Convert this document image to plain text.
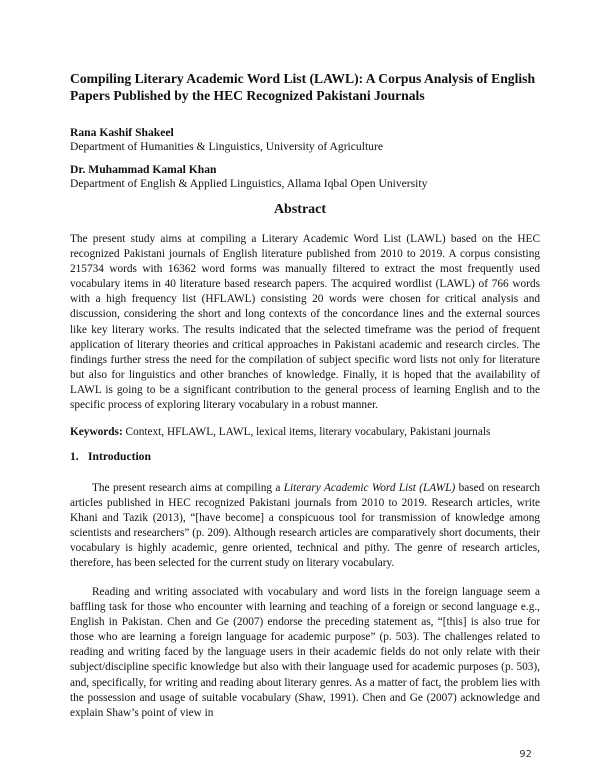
Compiling Literary Academic Word List (LAWL): A Corpus Analysis of English Papers Published by the HEC Recognized Pakistani Journals
Rana Kashif Shakeel
Department of Humanities & Linguistics, University of Agriculture
Dr. Muhammad Kamal Khan
Department of English & Applied Linguistics, Allama Iqbal Open University
Abstract

The present study aims at compiling a Literary Academic Word List (LAWL) based on the HEC recognized Pakistani journals of English literature published from 2010 to 2019. A corpus consisting 215734 words with 16362 word forms was manually filtered to extract the most frequently used vocabulary items in 40 literature based research papers. The acquired wordlist (LAWL) of 766 words with a high frequency list (HFLAWL) consisting 20 words were chosen for critical analysis and discussion, considering the short and long contexts of the concordance lines and the external sources like key literary works. The results indicated that the selected timeframe was the period of frequent application of literary theories and critical approaches in Pakistani academic and research circles. The findings further stress the need for the compilation of subject specific word lists not only for literature but also for linguistics and other branches of knowledge. Finally, it is hoped that the availability of LAWL is going to be a significant contribution to the general process of learning English and to the specific process of exploring literary vocabulary in a robust manner.

Keywords: Context, HFLAWL, LAWL, lexical items, literary vocabulary, Pakistani journals

1. Introduction

The present research aims at compiling a Literary Academic Word List (LAWL) based on research articles published in HEC recognized Pakistani journals from 2010 to 2019. Research articles, write Khani and Tazik (2013), “[have become] a conspicuous tool for transmission of knowledge among scientists and researchers” (p. 209). Although research articles are comparatively short documents, their vocabulary is highly academic, genre oriented, technical and pithy. The genre of research articles, therefore, has been selected for the current study on literary vocabulary.

Reading and writing associated with vocabulary and word lists in the foreign language seem a baffling task for those who encounter with learning and teaching of a foreign or second language e.g., English in Pakistan. Chen and Ge (2007) endorse the preceding statement as, “[this] is also true for those who are learning a foreign language for academic purpose” (p. 503). The challenges related to reading and writing faced by the language users in their academic fields do not only relate with their subject/discipline specific knowledge but also with their language used for academic purposes (p. 503), and, specifically, for writing and reading about literary genres. As a matter of fact, the problem lies with the possession and usage of suitable vocabulary (Shaw, 1991). Chen and Ge (2007) acknowledge and explain Shaw’s point of view in

92
